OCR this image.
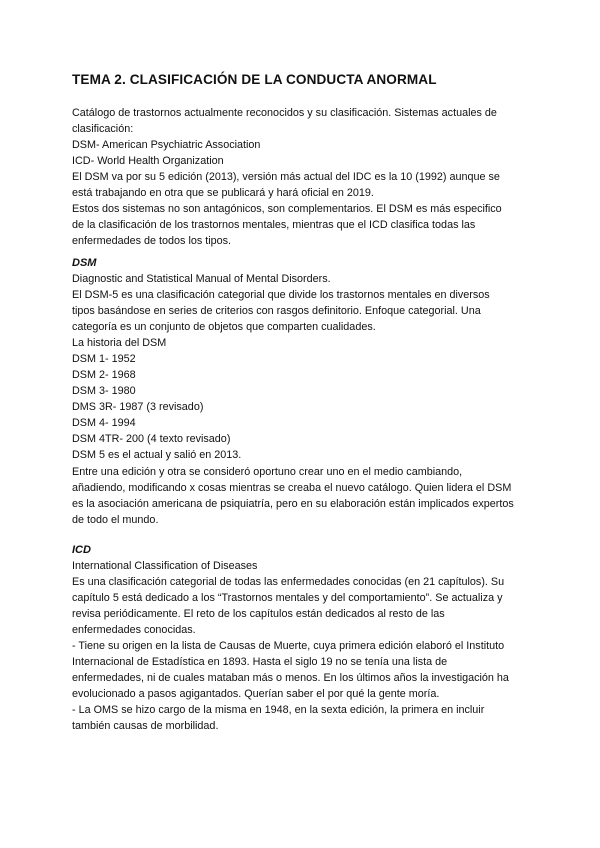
TEMA 2. CLASIFICACIÓN DE LA CONDUCTA ANORMAL

Catálogo de trastornos actualmente reconocidos y su clasificación. Sistemas actuales de

clasificación:

DSM- American Psychiatric Association

ICD- World Health Organization

El DSM va por su 5 edición (2013), versión más actual del IDC es la 10 (1992) aunque se

está trabajando en otra que se publicará y hará oficial en 2019.

Estos dos sistemas no son antagónicos, son complementarios. El DSM es más especifico

de la clasificación de los trastornos mentales, mientras que el ICD clasifica todas las

enfermedades de todos los tipos.

DSM

Diagnostic and Statistical Manual of Mental Disorders.

El DSM-5 es una clasificación categorial que divide los trastornos mentales en diversos

tipos basándose en series de criterios con rasgos definitorio. Enfoque categorial. Una

categoría es un conjunto de objetos que comparten cualidades.

La historia del DSM

DSM 1- 1952

DSM 2- 1968

DSM 3- 1980

DMS 3R- 1987 (3 revisado)

DSM 4- 1994

DSM 4TR- 200 (4 texto revisado)

DSM 5 es el actual y salió en 2013.

Entre una edición y otra se consideró oportuno crear uno en el medio cambiando,

añadiendo, modificando x cosas mientras se creaba el nuevo catálogo. Quien lidera el DSM

es la asociación americana de psiquiatría, pero en su elaboración están implicados expertos

de todo el mundo.

ICD

International Classification of Diseases

Es una clasificación categorial de todas las enfermedades conocidas (en 21 capítulos). Su

capítulo 5 está dedicado a los “Trastornos mentales y del comportamiento”. Se actualiza y

revisa periódicamente. El reto de los capítulos están dedicados al resto de las

enfermedades conocidas.

- Tiene su origen en la lista de Causas de Muerte, cuya primera edición elaboró el Instituto

Internacional de Estadística en 1893. Hasta el siglo 19 no se tenía una lista de

enfermedades, ni de cuales mataban más o menos. En los últimos años la investigación ha

evolucionado a pasos agigantados. Querían saber el por qué la gente moría.

- La OMS se hizo cargo de la misma en 1948, en la sexta edición, la primera en incluir

también causas de morbilidad.
